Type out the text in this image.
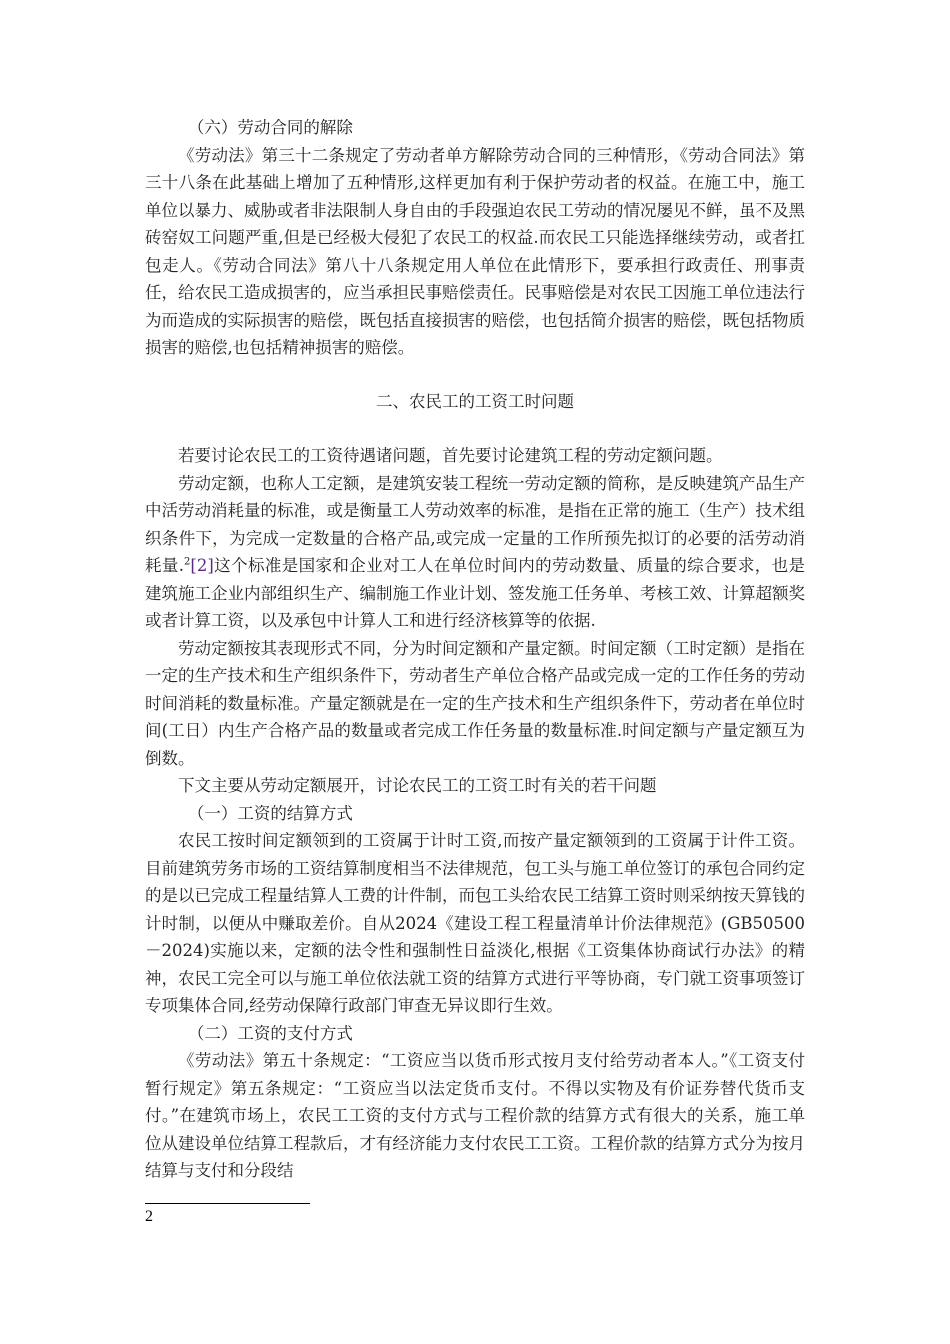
（六）劳动合同的解除

《劳动法》第三十二条规定了劳动者单方解除劳动合同的三种情形，《劳动合同法》第三十八条在此基础上增加了五种情形,这样更加有利于保护劳动者的权益。在施工中，施工单位以暴力、威胁或者非法限制人身自由的手段强迫农民工劳动的情况屡见不鲜，虽不及黑砖窑奴工问题严重,但是已经极大侵犯了农民工的权益.而农民工只能选择继续劳动，或者扛包走人。《劳动合同法》第八十八条规定用人单位在此情形下，要承担行政责任、刑事责任，给农民工造成损害的，应当承担民事赔偿责任。民事赔偿是对农民工因施工单位违法行为而造成的实际损害的赔偿，既包括直接损害的赔偿，也包括简介损害的赔偿，既包括物质损害的赔偿,也包括精神损害的赔偿。

二、农民工的工资工时问题

若要讨论农民工的工资待遇诸问题，首先要讨论建筑工程的劳动定额问题。

劳动定额，也称人工定额，是建筑安装工程统一劳动定额的简称，是反映建筑产品生产中活劳动消耗量的标准，或是衡量工人劳动效率的标准，是指在正常的施工（生产）技术组织条件下，为完成一定数量的合格产品,或完成一定量的工作所预先拟订的必要的活劳动消耗量.$^2$[2]这个标准是国家和企业对工人在单位时间内的劳动数量、质量的综合要求，也是建筑施工企业内部组织生产、编制施工作业计划、签发施工任务单、考核工效、计算超额奖或者计算工资，以及承包中计算人工和进行经济核算等的依据.

劳动定额按其表现形式不同，分为时间定额和产量定额。时间定额（工时定额）是指在一定的生产技术和生产组织条件下，劳动者生产单位合格产品或完成一定的工作任务的劳动时间消耗的数量标准。产量定额就是在一定的生产技术和生产组织条件下，劳动者在单位时间(工日）内生产合格产品的数量或者完成工作任务量的数量标准.时间定额与产量定额互为倒数。

下文主要从劳动定额展开，讨论农民工的工资工时有关的若干问题

（一）工资的结算方式

农民工按时间定额领到的工资属于计时工资,而按产量定额领到的工资属于计件工资。目前建筑劳务市场的工资结算制度相当不法律规范，包工头与施工单位签订的承包合同约定的是以已完成工程量结算人工费的计件制，而包工头给农民工结算工资时则采纳按天算钱的计时制，以便从中赚取差价。自从2024《建设工程工程量清单计价法律规范》(GB50500－2024)实施以来，定额的法令性和强制性日益淡化,根据《工资集体协商试行办法》的精神，农民工完全可以与施工单位依法就工资的结算方式进行平等协商，专门就工资事项签订专项集体合同,经劳动保障行政部门审查无异议即行生效。

（二）工资的支付方式

《劳动法》第五十条规定：“工资应当以货币形式按月支付给劳动者本人。”《工资支付暂行规定》第五条规定：“工资应当以法定货币支付。不得以实物及有价证券替代货币支付。”在建筑市场上，农民工工资的支付方式与工程价款的结算方式有很大的关系，施工单位从建设单位结算工程款后，才有经济能力支付农民工工资。工程价款的结算方式分为按月结算与支付和分段结

2
